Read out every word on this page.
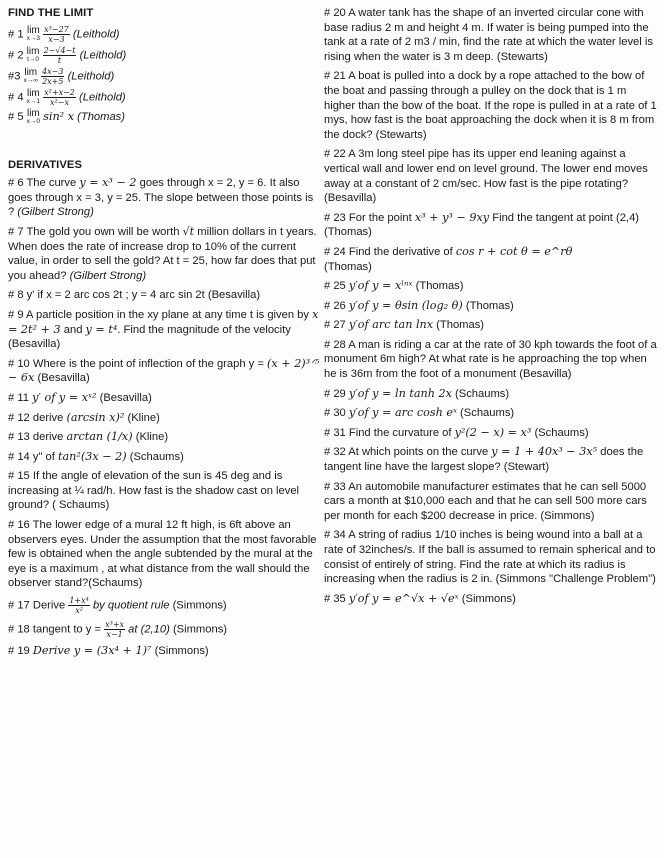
FIND THE LIMIT
# 1 lim
x→3
$\frac{\text{x³−27}}{x-3}$ (Leithold)
# 2 lim
t→0
$\frac{2-√4-t}{t}$ (Leithold)
#3 lim
x→∞
$\frac{4x-3}{2x+5}$ (Leithold)
# 4 lim
x→1
$\frac{\text{x²+x−2}}{\text{x²−x}}$ (Leithold)
# 5 lim
x→0 sin² x (Thomas)
DERIVATIVES
# 6 The curve y = x³ − 2 goes through x = 2, y = 6. It also goes through x = 3, y = 25. The slope between those points is ? (Gilbert Strong)
# 7 The gold you own will be worth √t million dollars in t years. When does the rate of increase drop to 10% of the current value, in order to sell the gold? At t = 25, how far does that put you ahead? (Gilbert Strong)
# 8 y' if x = 2 arc cos 2t ; y = 4 arc sin 2t (Besavilla)
# 9 A particle position in the xy plane at any time t is given by x = 2t² + 3 and y = t⁴. Find the magnitude of the velocity (Besavilla)
# 10 Where is the point of inflection of the graph y = (x + 2)³ᐟ⁵ − 6x (Besavilla)
# 11 y′ of y = xˣ² (Besavilla)
# 12 derive (arcsin x)² (Kline)
# 13 derive arctan (1/x) (Kline)
# 14 y" of tan²(3x − 2) (Schaums)
# 15 If the angle of elevation of the sun is 45 deg and is increasing at ¼ rad/h. How fast is the shadow cast on level ground? ( Schaums)
# 16 The lower edge of a mural 12 ft high, is 6ft above an observers eyes. Under the assumption that the most favorable few is obtained when the angle subtended by the mural at the eye is a maximum , at what distance from the wall should the observer stand?(Schaums)
# 17 Derive $\frac{\text{1+x⁴}}{\text{x²}}$ by quotient rule (Simmons)
# 18 tangent to $y = \frac{\text{x³+x}}{x-1}$ at (2,10) (Simmons)
# 19 Derive y = (3x⁴ + 1)⁷ (Simmons)
# 20 A water tank has the shape of an inverted circular cone with base radius 2 m and height 4 m. If water is being pumped into the tank at a rate of 2 m3 / min, find the rate at which the water level is rising when the water is 3 m deep. (Stewarts)
# 21 A boat is pulled into a dock by a rope attached to the bow of the boat and passing through a pulley on the dock that is 1 m higher than the bow of the boat. If the rope is pulled in at a rate of 1 mys, how fast is the boat approaching the dock when it is 8 m from the dock? (Stewarts)
# 22 A 3m long steel pipe has its upper end leaning against a vertical wall and lower end on level ground. The lower end moves away at a constant of 2 cm/sec. How fast is the pipe rotating? (Besavilla)
# 23 For the point x³ + y³ − 9xy Find the tangent at point (2,4) (Thomas)
# 24 Find the derivative of cos r + cot θ = e^rθ
(Thomas)
# 25 y′of y = xˡⁿˣ (Thomas)
# 26 y′of y = θsin (log₂ θ) (Thomas)
# 27 y′of arc tan lnx (Thomas)
# 28 A man is riding a car at the rate of 30 kph towards the foot of a monument 6m high? At what rate is he approaching the top when he is 36m from the foot of a monument (Besavilla)
# 29 y′of y = ln tanh 2x (Schaums)
# 30 y′of y = arc cosh eˣ (Schaums)
# 31 Find the curvature of y²(2 − x) = x³ (Schaums)
# 32 At which points on the curve y = 1 + 40x³ − 3x⁵ does the tangent line have the largest slope? (Stewart)
# 33 An automobile manufacturer estimates that he can sell 5000 cars a month at $10,000 each and that he can sell 500 more cars per month for each $200 decrease in price. (Simmons)
# 34 A string of radius 1/10 inches is being wound into a ball at a rate of 32inches/s. If the ball is assumed to remain spherical and to consist of entirely of string. Find the rate at which its radius is increasing when the radius is 2 in. (Simmons "Challenge Problem")
# 35 y′of y = e^√x + √eˣ (Simmons)
